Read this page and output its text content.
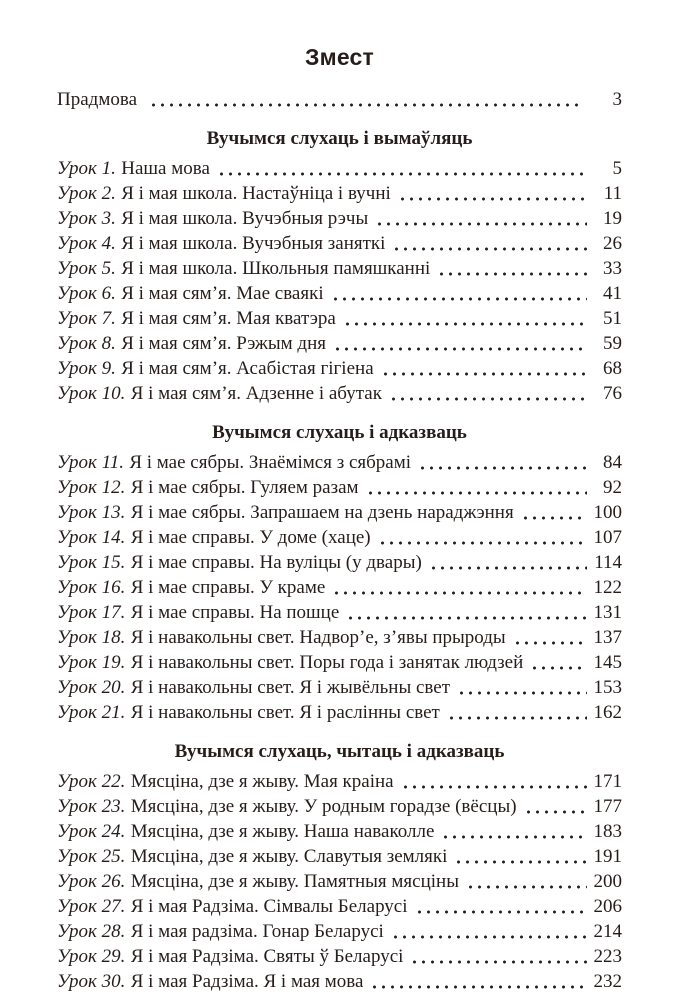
Змест
Прадмова	3
Вучымся слухаць і вымаўляць
Урок 1. Наша мова	5
Урок 2. Я і мая школа. Настаўніца і вучні	11
Урок 3. Я і мая школа. Вучэбныя рэчы	19
Урок 4. Я і мая школа. Вучэбныя заняткі	26
Урок 5. Я і мая школа. Школьныя памяшканні	33
Урок 6. Я і мая сям’я. Мае сваякі	41
Урок 7. Я і мая сям’я. Мая кватэра	51
Урок 8. Я і мая сям’я. Рэжым дня	59
Урок 9. Я і мая сям’я. Асабістая гігіена	68
Урок 10. Я і мая сям’я. Адзенне і абутак	76
Вучымся слухаць і адказваць
Урок 11. Я і мае сябры. Знаёмімся з сябрамі	84
Урок 12. Я і мае сябры. Гуляем разам	92
Урок 13. Я і мае сябры. Запрашаем на дзень нараджэння	100
Урок 14. Я і мае справы. У доме (хаце)	107
Урок 15. Я і мае справы. На вуліцы (у двары)	114
Урок 16. Я і мае справы. У краме	122
Урок 17. Я і мае справы. На пошце	131
Урок 18. Я і навакольны свет. Надвор’е, з’явы прыроды	137
Урок 19. Я і навакольны свет. Поры года і занятак людзей	145
Урок 20. Я і навакольны свет. Я і жывёльны свет	153
Урок 21. Я і навакольны свет. Я і раслінны свет	162
Вучымся слухаць, чытаць і адказваць
Урок 22. Мясціна, дзе я жыву. Мая краіна	171
Урок 23. Мясціна, дзе я жыву. У родным горадзе (вёсцы)	177
Урок 24. Мясціна, дзе я жыву. Наша наваколле	183
Урок 25. Мясціна, дзе я жыву. Славутыя землякі	191
Урок 26. Мясціна, дзе я жыву. Памятныя мясціны	200
Урок 27. Я і мая Радзіма. Сімвалы Беларусі	206
Урок 28. Я і мая радзіма. Гонар Беларусі	214
Урок 29. Я і мая Радзіма. Святы ў Беларусі	223
Урок 30. Я і мая Радзіма. Я і мая мова	232
